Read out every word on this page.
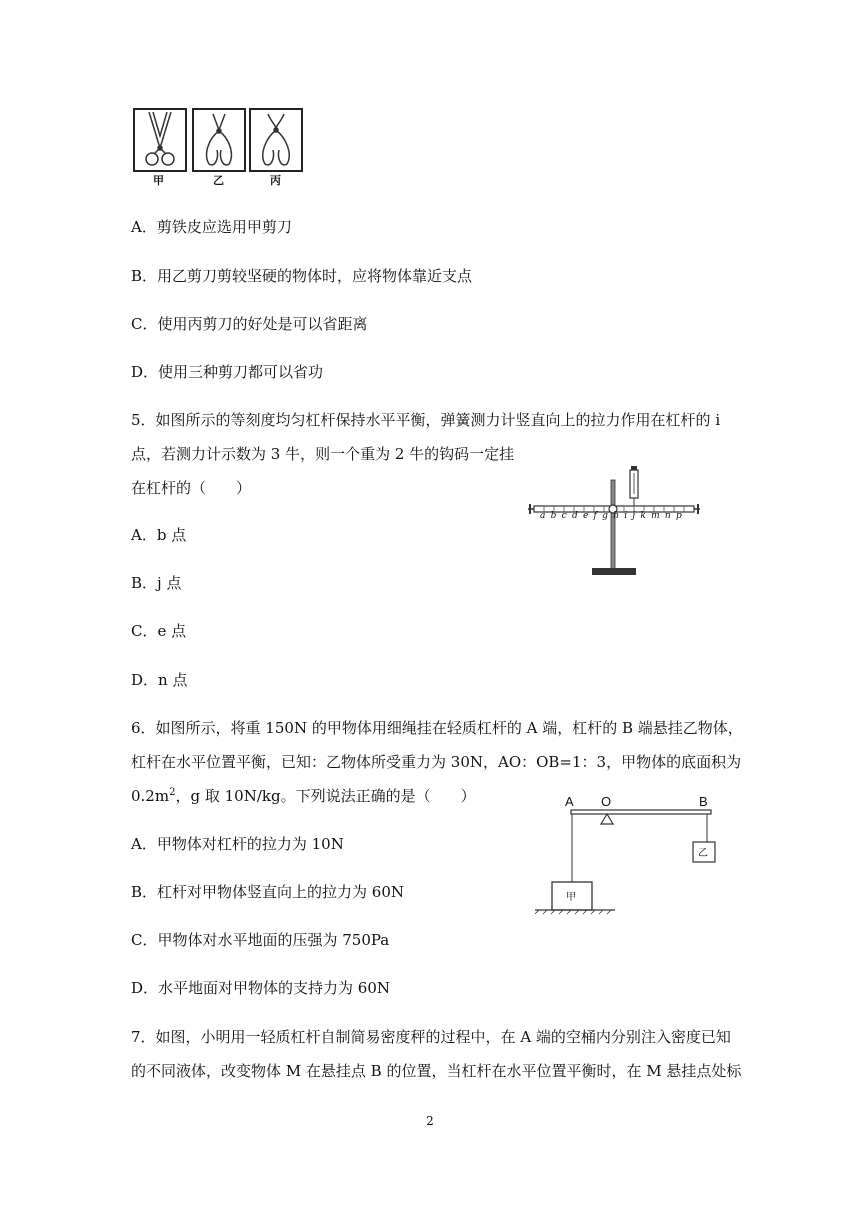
甲	乙	丙
A．剪铁皮应选用甲剪刀
B．用乙剪刀剪较坚硬的物体时，应将物体靠近支点
C．使用丙剪刀的好处是可以省距离
D．使用三种剪刀都可以省功
5．如图所示的等刻度均匀杠杆保持水平平衡，弹簧测力计竖直向上的拉力作用在杠杆的 i
点，若测力计示数为 3 牛，则一个重为 2 牛的钩码一定挂
在杠杆的（　　）
a b c d e f g h i j k m n p
A．b 点
B．j 点
C．e 点
D．n 点
6．如图所示，将重 150N 的甲物体用细绳挂在轻质杠杆的 A 端，杠杆的 B 端悬挂乙物体，
杠杆在水平位置平衡，已知：乙物体所受重力为 30N，AO：OB=1：3，甲物体的底面积为
$0.2m^2$，g 取 10N/kg。下列说法正确的是（　　）	A O	B
甲
乙
A．甲物体对杠杆的拉力为 10N
B．杠杆对甲物体竖直向上的拉力为 60N
C．甲物体对水平地面的压强为 750Pa
D．水平地面对甲物体的支持力为 60N
7．如图，小明用一轻质杠杆自制简易密度秤的过程中，在 A 端的空桶内分别注入密度已知
的不同液体，改变物体 M 在悬挂点 B 的位置，当杠杆在水平位置平衡时，在 M 悬挂点处标
2
